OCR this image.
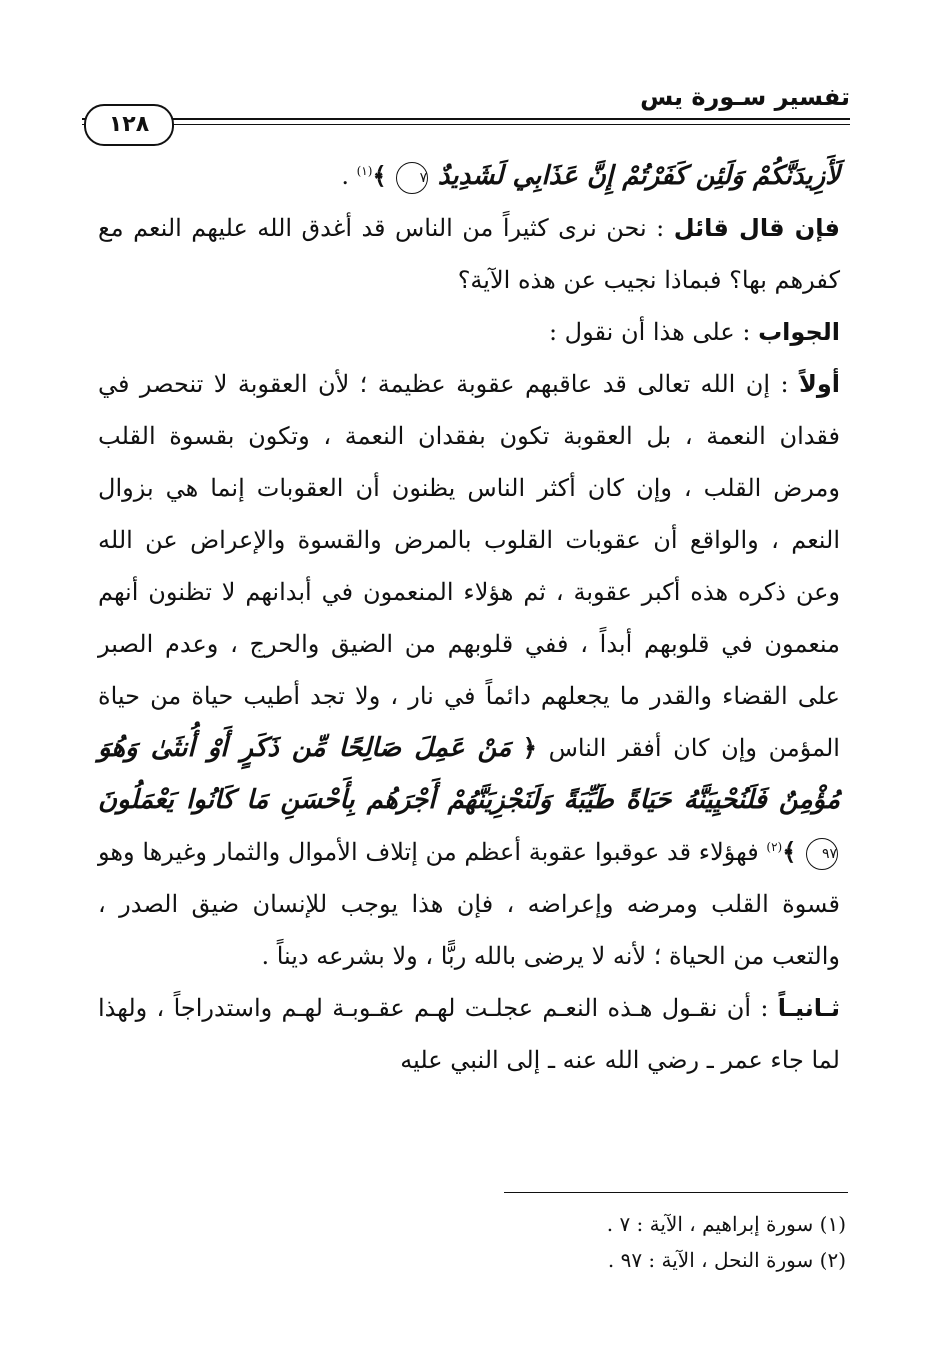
تفسير سـورة يس
١٢٨

لَأَزِيدَنَّكُمْ وَلَئِن كَفَرْتُمْ إِنَّ عَذَابِي لَشَدِيدٌ ٧ ﴾$^{(١)}$ .

فإن قال قائل : نحن نرى كثيراً من الناس قد أغدق الله عليهم النعم مع كفرهم بها؟ فبماذا نجيب عن هذه الآية؟

الجواب : على هذا أن نقول :

أولاً : إن الله تعالى قد عاقبهم عقوبة عظيمة ؛ لأن العقوبة لا تنحصر في فقدان النعمة ، بل العقوبة تكون بفقدان النعمة ، وتكون بقسوة القلب ومرض القلب ، وإن كان أكثر الناس يظنون أن العقوبات إنما هي بزوال النعم ، والواقع أن عقوبات القلوب بالمرض والقسوة والإعراض عن الله وعن ذكره هذه أكبر عقوبة ، ثم هؤلاء المنعمون في أبدانهم لا تظنون أنهم منعمون في قلوبهم أبداً ، ففي قلوبهم من الضيق والحرج ، وعدم الصبر على القضاء والقدر ما يجعلهم دائماً في نار ، ولا تجد أطيب حياة من حياة المؤمن وإن كان أفقر الناس ﴿ مَنْ عَمِلَ صَالِحًا مِّن ذَكَرٍ أَوْ أُنثَىٰ وَهُوَ مُؤْمِنٌ فَلَنُحْيِيَنَّهُ حَيَاةً طَيِّبَةً وَلَنَجْزِيَنَّهُمْ أَجْرَهُم بِأَحْسَنِ مَا كَانُوا يَعْمَلُونَ ٩٧ ﴾$^{(٢)}$ فهؤلاء قد عوقبوا عقوبة أعظم من إتلاف الأموال والثمار وغيرها وهو قسوة القلب ومرضه وإعراضه ، فإن هذا يوجب للإنسان ضيق الصدر ، والتعب من الحياة ؛ لأنه لا يرضى بالله ربًّا ، ولا بشرعه ديناً .

ثـانيـاً : أن نقـول هـذه النعـم عجلـت لهـم عقـوبـة لهـم واستدراجاً ، ولهذا لما جاء عمر ـ رضي الله عنه ـ إلى النبي عليه

(١) سورة إبراهيم ، الآية : ٧ .
(٢) سورة النحل ، الآية : ٩٧ .
